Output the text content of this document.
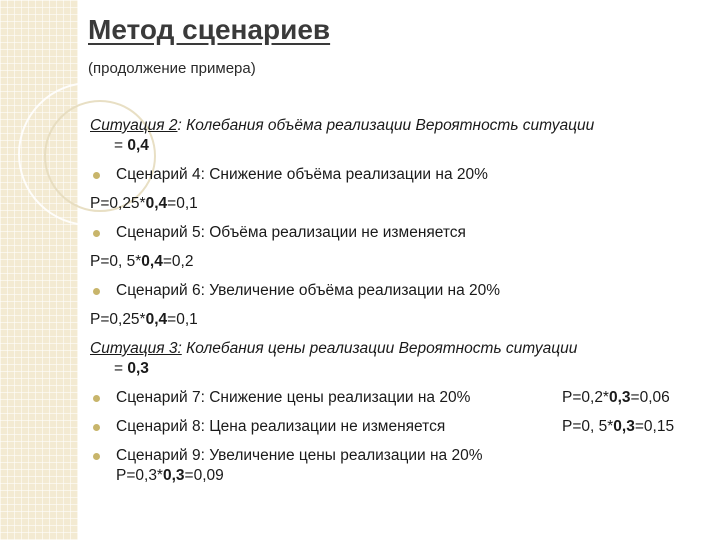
Метод сценариев
(продолжение примера)
Ситуация 2: Колебания объёма реализации Вероятность ситуации
= 0,4
Сценарий 4: Снижение объёма реализации на 20%
P=0,25*0,4=0,1
Сценарий 5: Объёма реализации не изменяется
P=0, 5*0,4=0,2
Сценарий 6: Увеличение объёма реализации на 20%
P=0,25*0,4=0,1
Ситуация 3: Колебания цены реализации Вероятность ситуации
= 0,3
Сценарий 7: Снижение цены реализации на 20%	P=0,2*0,3=0,06
Сценарий 8: Цена реализации не изменяется	P=0, 5*0,3=0,15
Сценарий 9: Увеличение цены реализации на 20%
P=0,3*0,3=0,09
